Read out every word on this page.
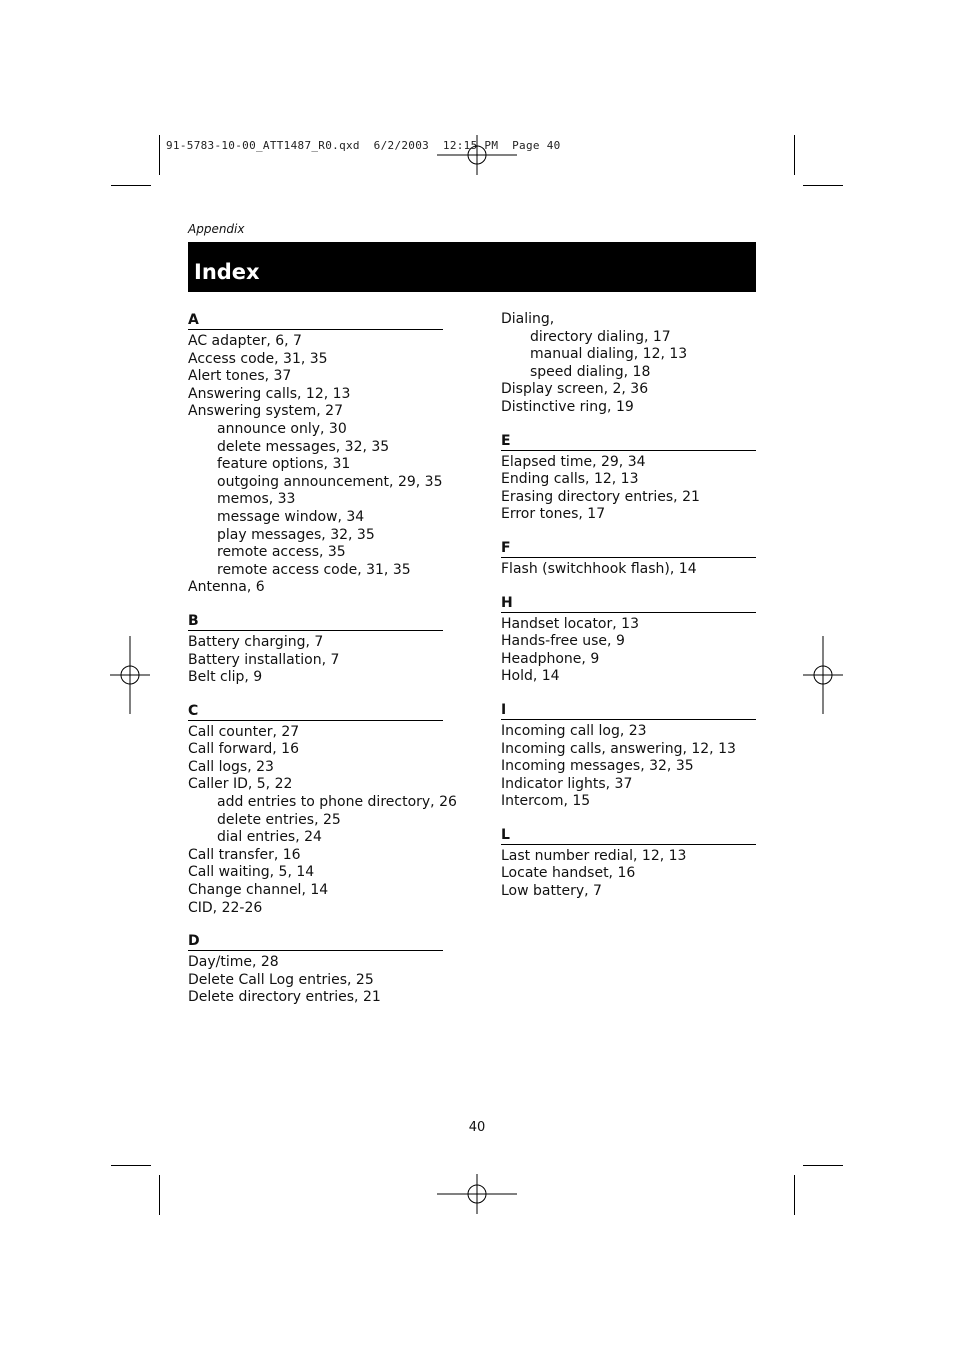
91-5783-10-00_ATT1487_R0.qxd  6/2/2003  12:15 PM  Page 40
Appendix
Index
A
AC adapter, 6, 7
Access code, 31, 35
Alert tones, 37
Answering calls, 12, 13
Answering system, 27
announce only, 30
delete messages, 32, 35
feature options, 31
outgoing announcement, 29, 35
memos, 33
message window, 34
play messages, 32, 35
remote access, 35
remote access code, 31, 35
Antenna, 6
B
Battery charging, 7
Battery installation, 7
Belt clip, 9
C
Call counter, 27
Call forward, 16
Call logs, 23
Caller ID, 5, 22
add entries to phone directory, 26
delete entries, 25
dial entries, 24
Call transfer, 16
Call waiting, 5, 14
Change channel, 14
CID, 22-26
D
Day/time, 28
Delete Call Log entries, 25
Delete directory entries, 21
Dialing,
directory dialing, 17
manual dialing, 12, 13
speed dialing, 18
Display screen, 2, 36
Distinctive ring, 19
E
Elapsed time, 29, 34
Ending calls, 12, 13
Erasing directory entries, 21
Error tones, 17
F
Flash (switchhook flash), 14
H
Handset locator, 13
Hands-free use, 9
Headphone, 9
Hold, 14
I
Incoming call log, 23
Incoming calls, answering, 12, 13
Incoming messages, 32, 35
Indicator lights, 37
Intercom, 15
L
Last number redial, 12, 13
Locate handset, 16
Low battery, 7
40
